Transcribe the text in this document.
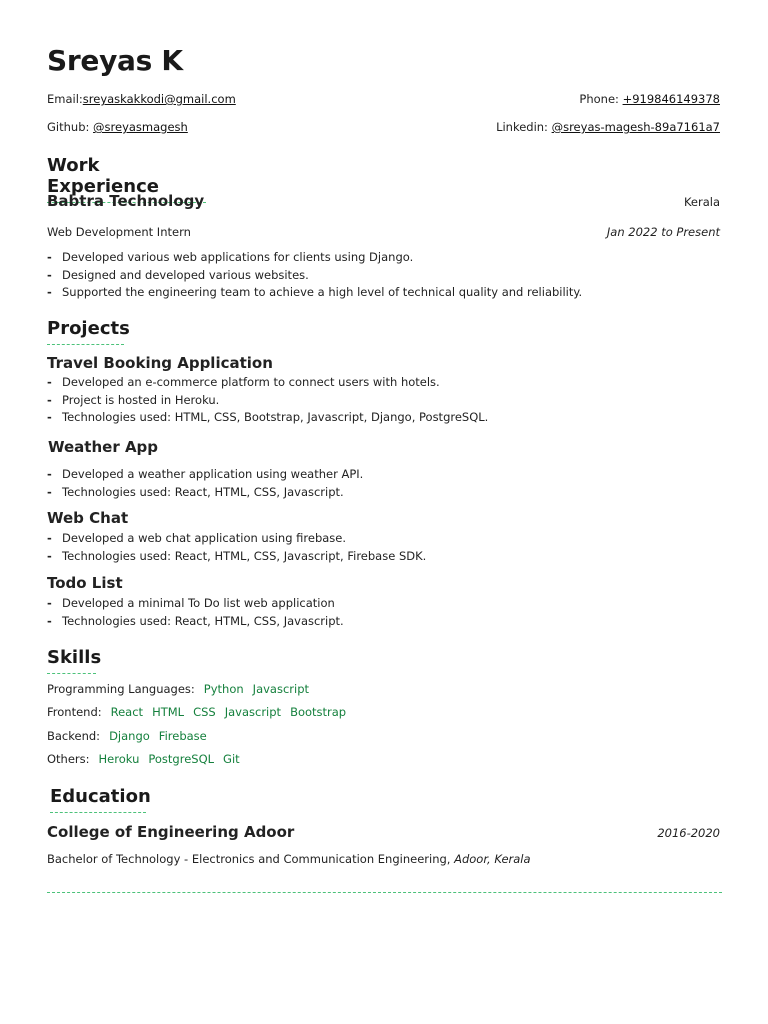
Sreyas K
Email:sreyaskakkodi@gmail.com	Phone: +919846149378
Github: @sreyasmagesh	Linkedin: @sreyas-magesh-89a7161a7
Work Experience
Babtra Technology	Kerala
Web Development Intern	Jan 2022 to Present
- Developed various web applications for clients using Django.
- Designed and developed various websites.
- Supported the engineering team to achieve a high level of technical quality and reliability.
Projects
Travel Booking Application
- Developed an e-commerce platform to connect users with hotels.
- Project is hosted in Heroku.
- Technologies used: HTML, CSS, Bootstrap, Javascript, Django, PostgreSQL.
Weather App
- Developed a weather application using weather API.
- Technologies used: React, HTML, CSS, Javascript.
Web Chat
- Developed a web chat application using firebase.
- Technologies used: React, HTML, CSS, Javascript, Firebase SDK.
Todo List
- Developed a minimal To Do list web application
- Technologies used: React, HTML, CSS, Javascript.
Skills
Programming Languages: Python Javascript
Frontend: React HTML CSS Javascript Bootstrap
Backend: Django Firebase
Others: Heroku PostgreSQL Git
Education
College of Engineering Adoor	2016-2020
Bachelor of Technology - Electronics and Communication Engineering, Adoor, Kerala
